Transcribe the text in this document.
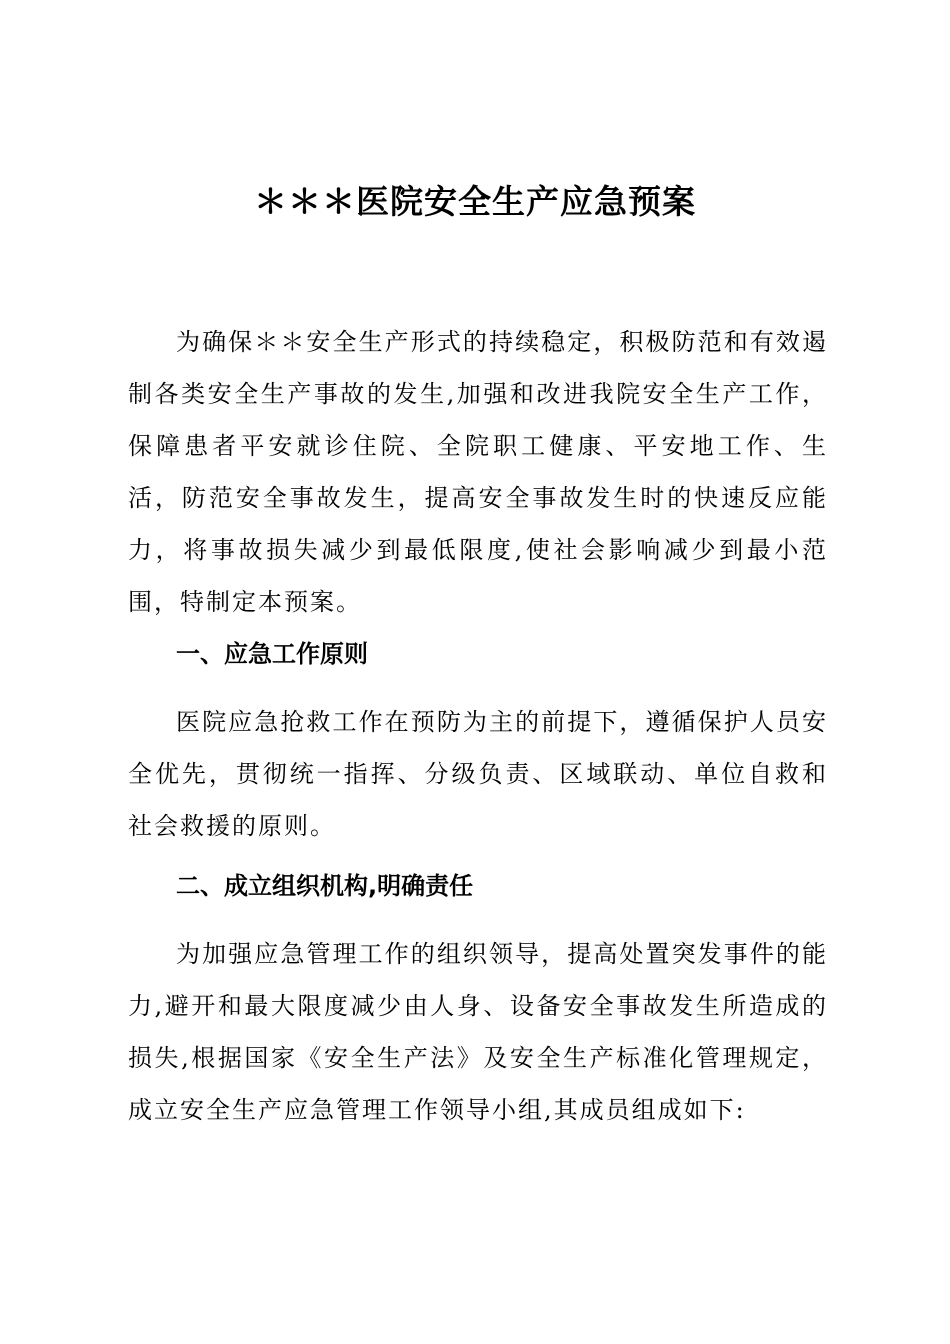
＊＊＊医院安全生产应急预案

为确保＊＊安全生产形式的持续稳定，积极防范和有效遏制各类安全生产事故的发生,加强和改进我院安全生产工作，保障患者平安就诊住院、全院职工健康、平安地工作、生活，防范安全事故发生，提高安全事故发生时的快速反应能力，将事故损失减少到最低限度,使社会影响减少到最小范围，特制定本预案。

一、应急工作原则

医院应急抢救工作在预防为主的前提下，遵循保护人员安全优先，贯彻统一指挥、分级负责、区域联动、单位自救和社会救援的原则。

二、成立组织机构,明确责任

为加强应急管理工作的组织领导，提高处置突发事件的能力,避开和最大限度减少由人身、设备安全事故发生所造成的损失,根据国家《安全生产法》及安全生产标准化管理规定，成立安全生产应急管理工作领导小组,其成员组成如下:
